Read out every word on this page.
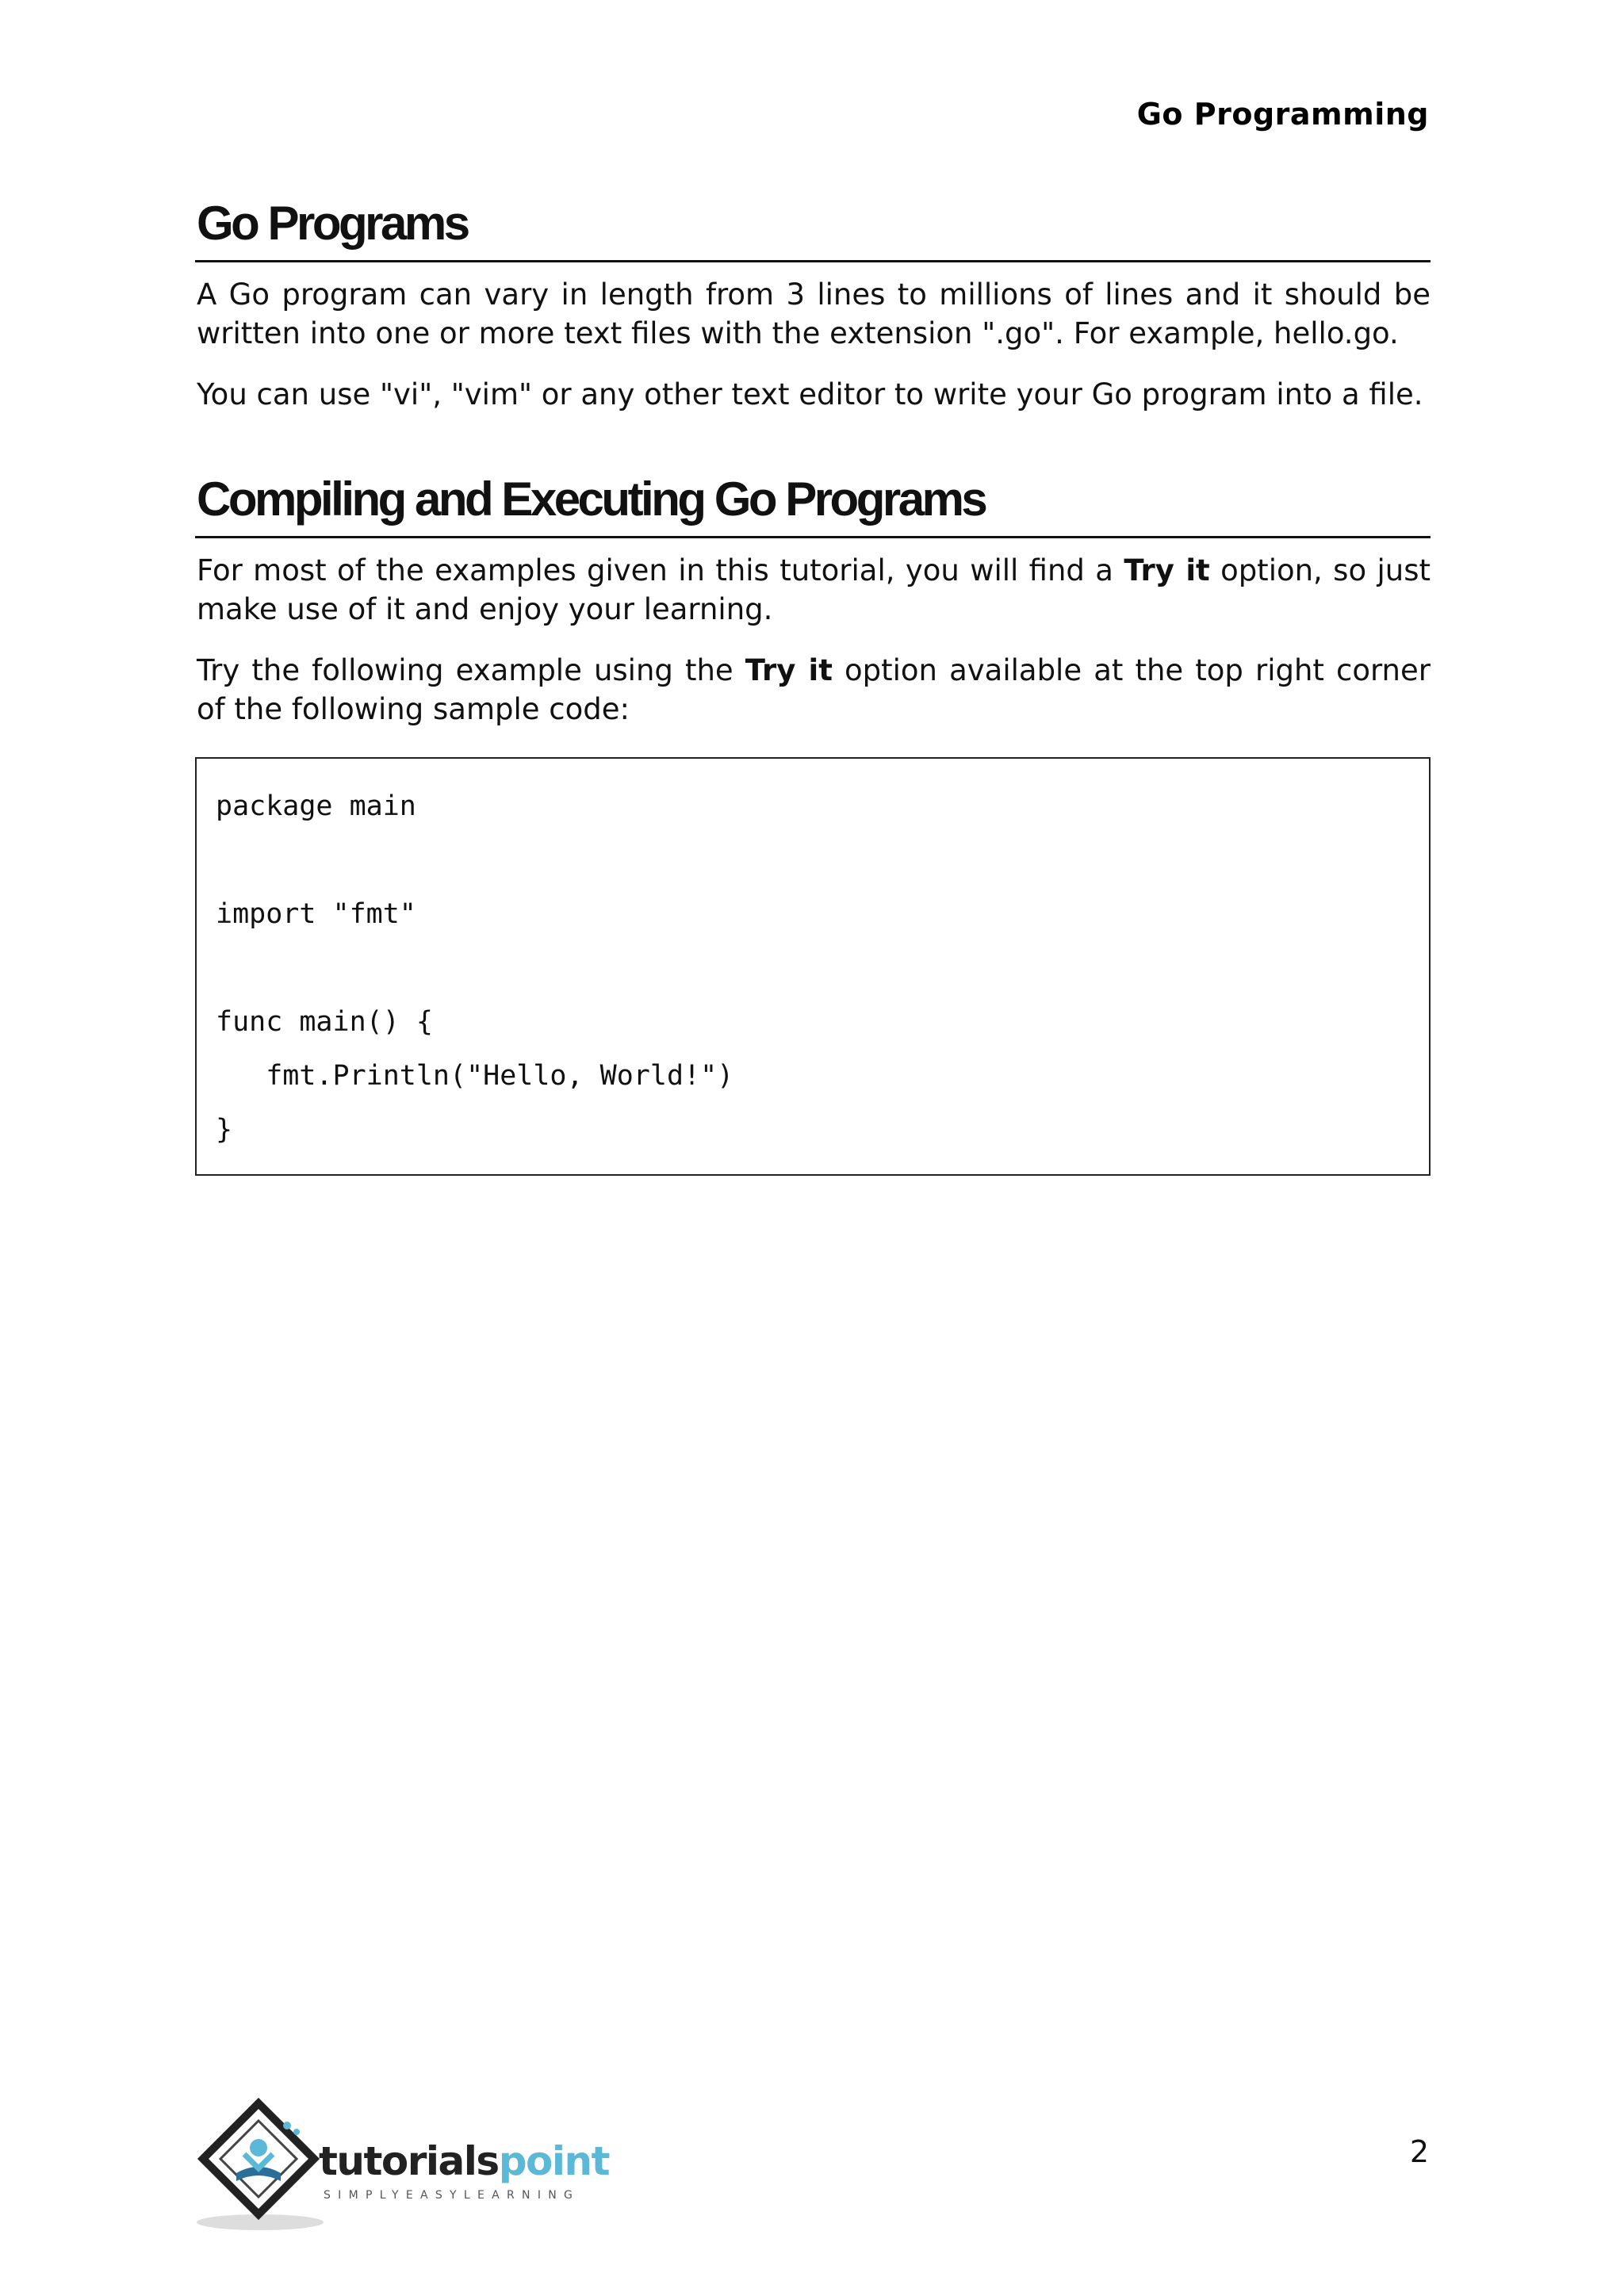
Go Programming
Go Programs

A Go program can vary in length from 3 lines to millions of lines and it should be written into one or more text files with the extension ".go". For example, hello.go.

You can use "vi", "vim" or any other text editor to write your Go program into a file.

Compiling and Executing Go Programs

For most of the examples given in this tutorial, you will find a Try it option, so just make use of it and enjoy your learning.

Try the following example using the Try it option available at the top right corner of the following sample code:

package main
import "fmt"
func main() {
fmt.Println("Hello, World!")
}
tutorialspoint
SIMPLYEASYLEARNING
2
